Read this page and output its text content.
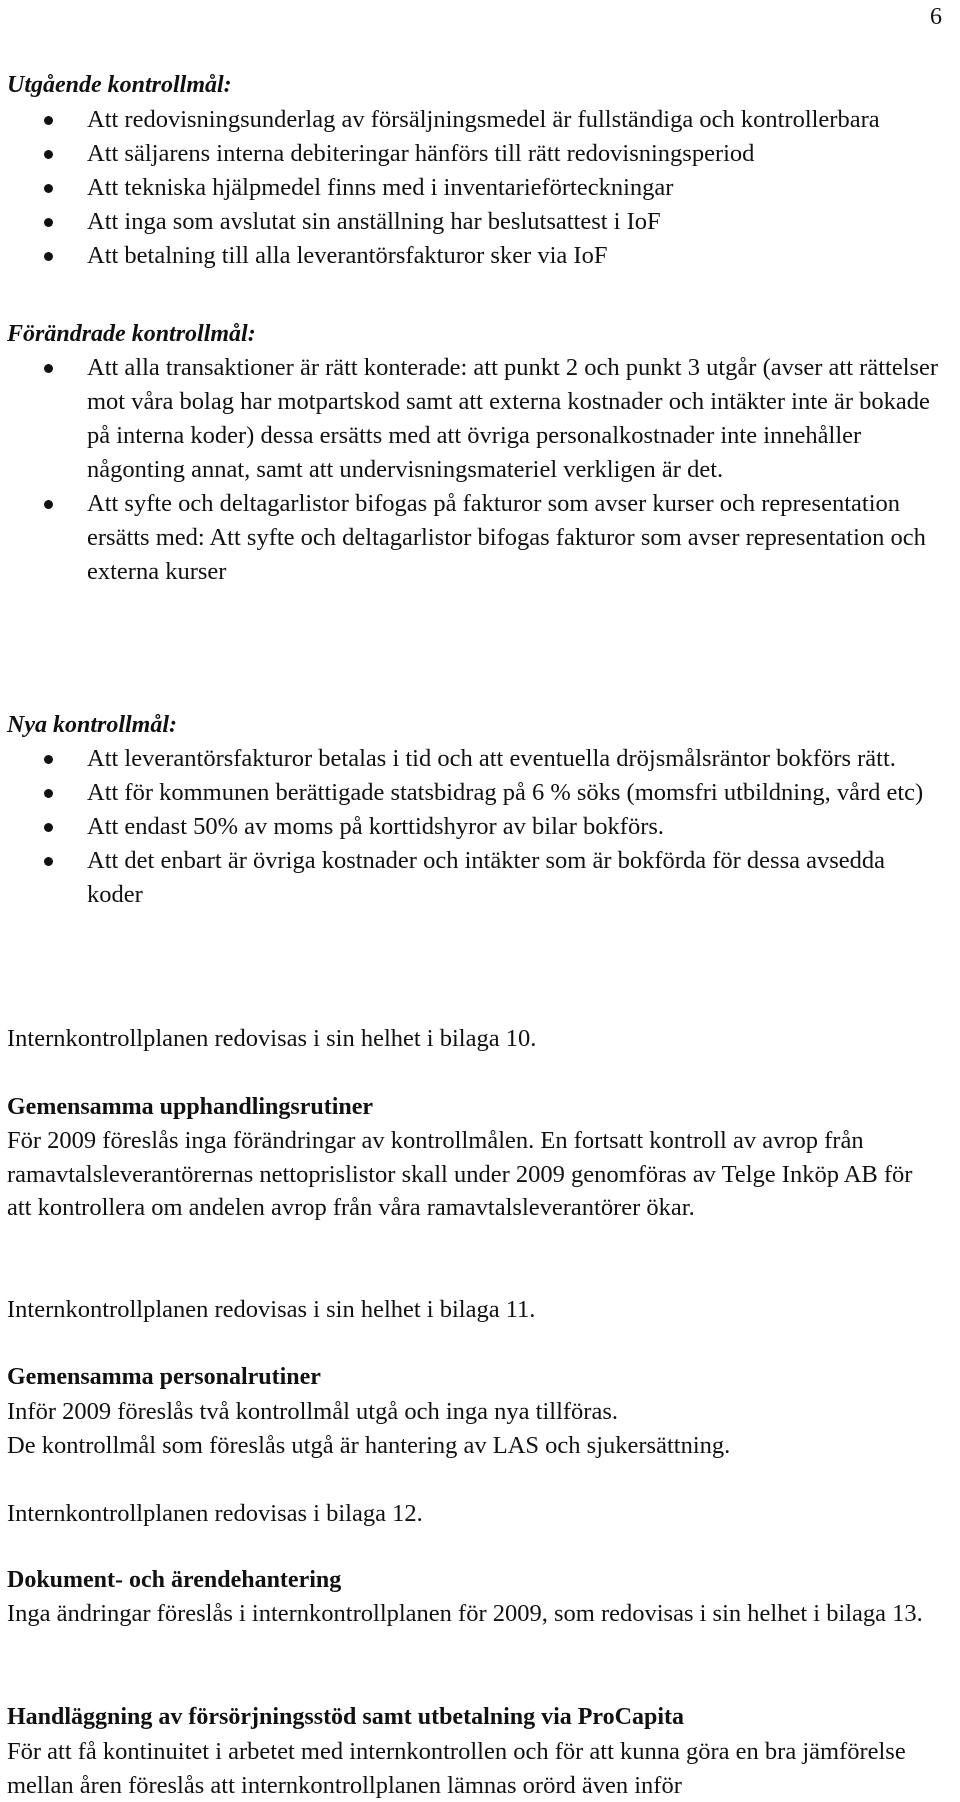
6
Utgående kontrollmål:
Att redovisningsunderlag av försäljningsmedel är fullständiga och kontrollerbara
Att säljarens interna debiteringar hänförs till rätt redovisningsperiod
Att tekniska hjälpmedel finns med i inventarieförteckningar
Att inga som avslutat sin anställning har beslutsattest i IoF
Att betalning till alla leverantörsfakturor sker via IoF
Förändrade kontrollmål:
Att alla transaktioner är rätt konterade: att punkt 2 och punkt 3 utgår (avser att rättelser mot våra bolag har motpartskod samt att externa kostnader och intäkter inte är bokade på interna koder) dessa ersätts med att övriga personalkostnader inte innehåller någonting annat, samt att undervisningsmateriel verkligen är det.
Att syfte och deltagarlistor bifogas på fakturor som avser kurser och representation ersätts med: Att syfte och deltagarlistor bifogas fakturor som avser representation och externa kurser
Nya kontrollmål:
Att leverantörsfakturor betalas i tid och att eventuella dröjsmålsräntor bokförs rätt.
Att för kommunen berättigade statsbidrag på 6 % söks (momsfri utbildning, vård etc)
Att endast 50% av moms på korttidshyror av bilar bokförs.
Att det enbart är övriga kostnader och intäkter som är bokförda för dessa avsedda koder
Internkontrollplanen redovisas i sin helhet i bilaga 10.
Gemensamma upphandlingsrutiner
För 2009 föreslås inga förändringar av kontrollmålen. En fortsatt kontroll av avrop från ramavtalsleverantörernas nettoprislistor skall under 2009 genomföras av Telge Inköp AB för att kontrollera om andelen avrop från våra ramavtalsleverantörer ökar.
Internkontrollplanen redovisas i sin helhet i bilaga 11.
Gemensamma personalrutiner
Inför 2009 föreslås två kontrollmål utgå och inga nya tillföras.
De kontrollmål som föreslås utgå är hantering av LAS och sjukersättning.
Internkontrollplanen redovisas i bilaga 12.
Dokument- och ärendehantering
Inga ändringar föreslås i internkontrollplanen för 2009, som redovisas i sin helhet i bilaga 13.
Handläggning av försörjningsstöd samt utbetalning via ProCapita
För att få kontinuitet i arbetet med internkontrollen och för att kunna göra en bra jämförelse mellan åren föreslås att internkontrollplanen lämnas orörd även inför
